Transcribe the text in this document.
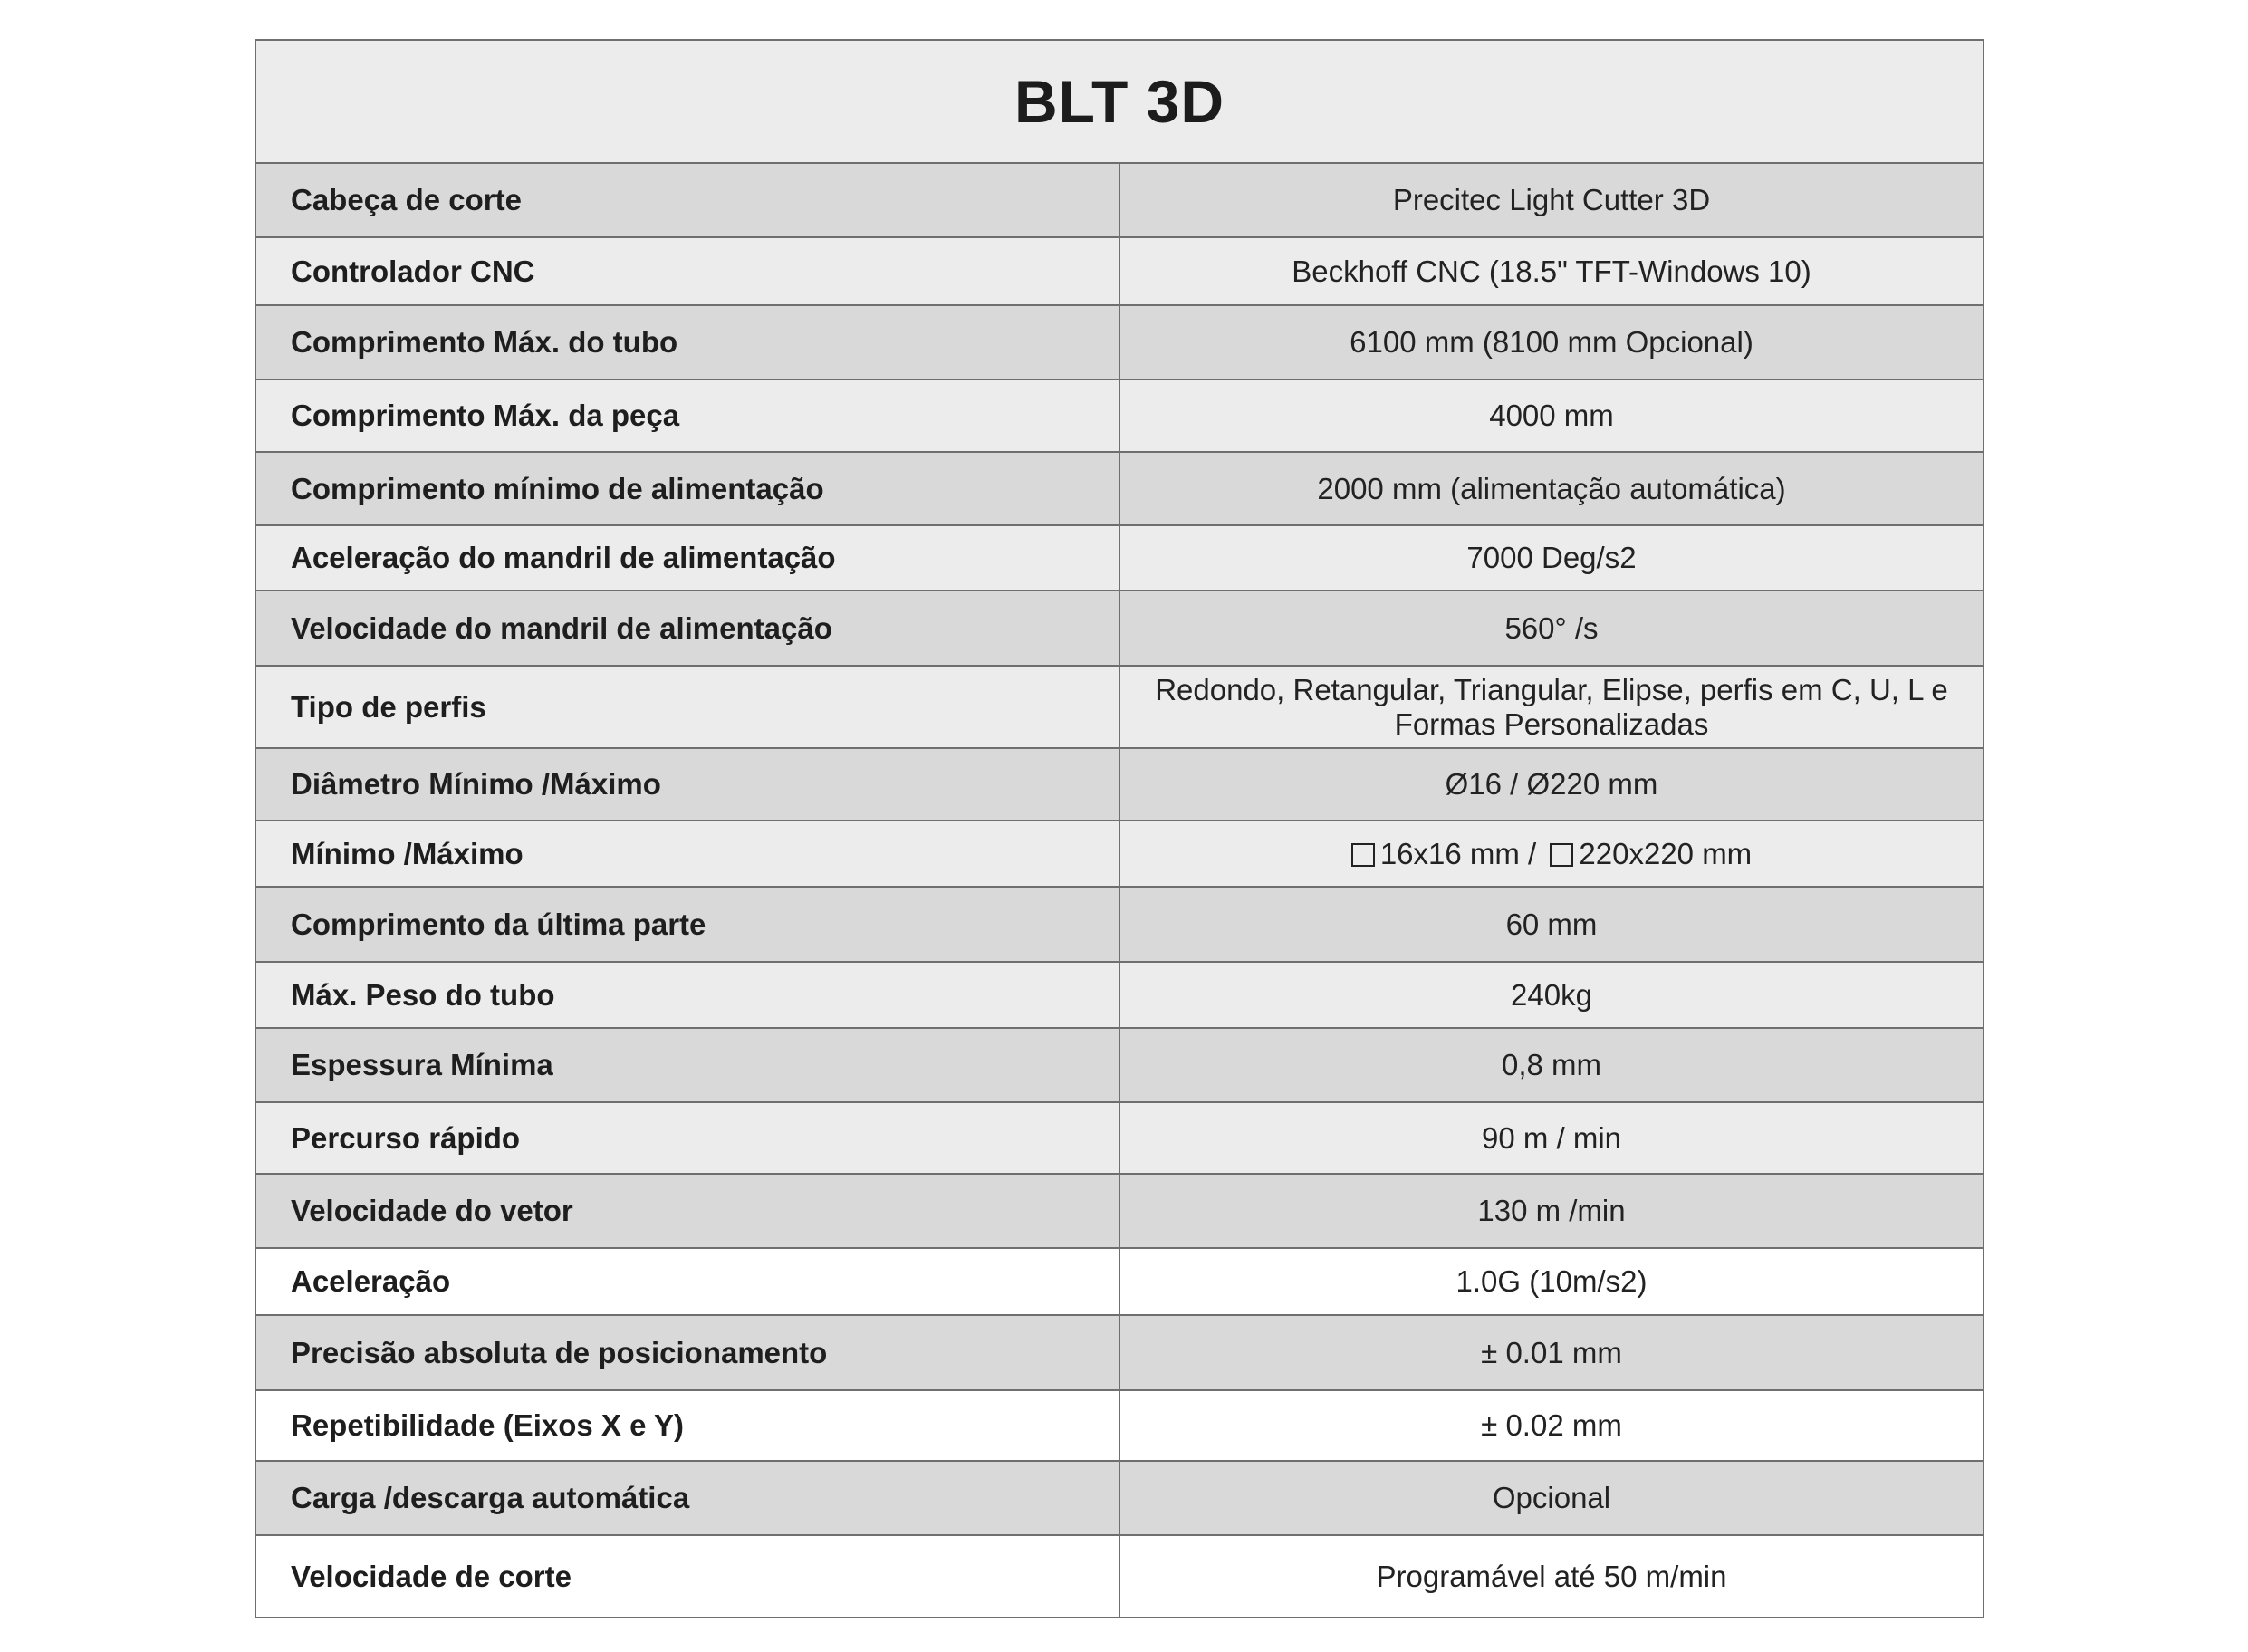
BLT 3D	
Cabeça de corte	Precitec Light Cutter 3D
Controlador CNC	Beckhoff CNC (18.5" TFT-Windows 10)
Comprimento Máx. do tubo	6100 mm (8100 mm Opcional)
Comprimento Máx. da peça	4000 mm
Comprimento mínimo de alimentação	2000 mm (alimentação automática)
Aceleração do mandril de alimentação	7000 Deg/s2
Velocidade do mandril de alimentação	560° /s
Tipo de perfis	Redondo, Retangular, Triangular, Elipse, perfis em C, U, L e Formas Personalizadas
Diâmetro Mínimo /Máximo	Ø16 / Ø220 mm
Mínimo /Máximo	16x16 mm / 220x220 mm
Comprimento da última parte	60 mm
Máx. Peso do tubo	240kg
Espessura Mínima	0,8 mm
Percurso rápido	90 m / min
Velocidade do vetor	130 m /min
Aceleração	1.0G (10m/s2)
Precisão absoluta de posicionamento	± 0.01 mm
Repetibilidade (Eixos X e Y)	± 0.02 mm
Carga /descarga automática	Opcional
Velocidade de corte	Programável até 50 m/min
